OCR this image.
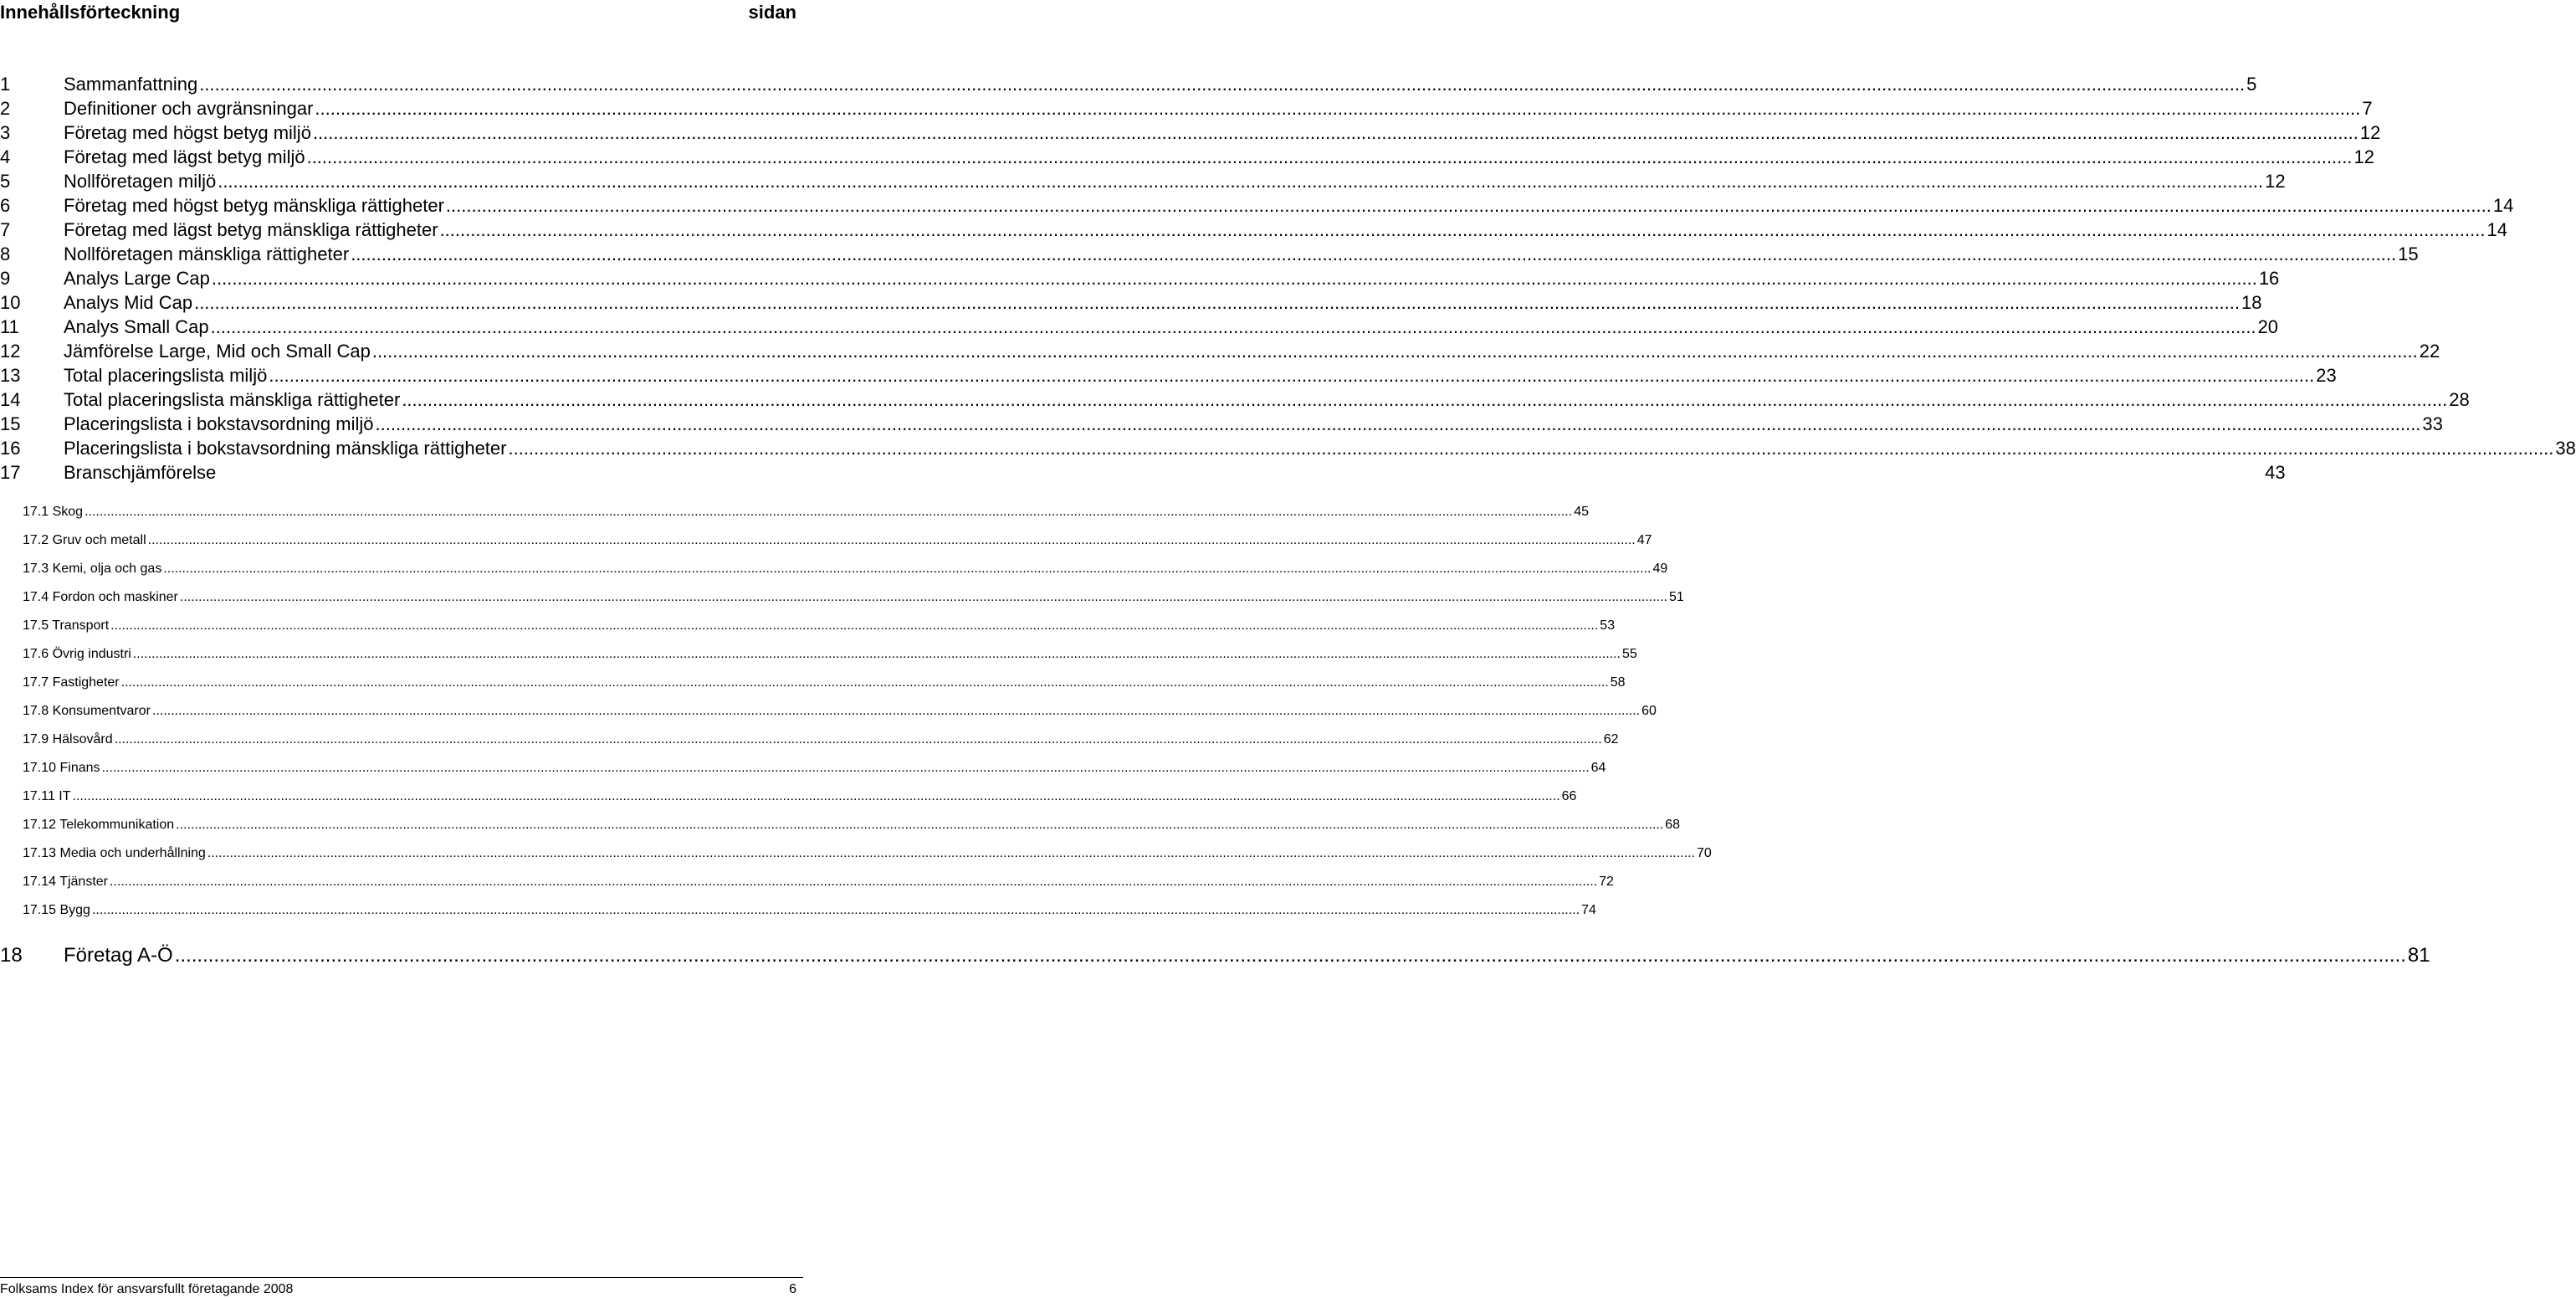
Innehållsförteckning	sidan
1	Sammanfattning ................................................................................................................................................................................................................................................................................................................................................................................................................ 5
2	Definitioner och avgränsningar ................................................................................................................................................................................................................................................................................................................................................................................................................ 7
3	Företag med högst betyg miljö ................................................................................................................................................................................................................................................................................................................................................................................................................ 12
4	Företag med lägst betyg miljö ................................................................................................................................................................................................................................................................................................................................................................................................................ 12
5	Nollföretagen miljö ................................................................................................................................................................................................................................................................................................................................................................................................................ 12
6	Företag med högst betyg mänskliga rättigheter ................................................................................................................................................................................................................................................................................................................................................................................................................ 14
7	Företag med lägst betyg mänskliga rättigheter ................................................................................................................................................................................................................................................................................................................................................................................................................ 14
8	Nollföretagen mänskliga rättigheter ................................................................................................................................................................................................................................................................................................................................................................................................................ 15
9	Analys Large Cap ................................................................................................................................................................................................................................................................................................................................................................................................................ 16
10	Analys Mid Cap ................................................................................................................................................................................................................................................................................................................................................................................................................ 18
11	Analys Small Cap ................................................................................................................................................................................................................................................................................................................................................................................................................ 20
12	Jämförelse Large, Mid och Small Cap ................................................................................................................................................................................................................................................................................................................................................................................................................ 22
13	Total placeringslista miljö ................................................................................................................................................................................................................................................................................................................................................................................................................ 23
14	Total placeringslista mänskliga rättigheter ................................................................................................................................................................................................................................................................................................................................................................................................................ 28
15	Placeringslista i bokstavsordning miljö ................................................................................................................................................................................................................................................................................................................................................................................................................ 33
16	Placeringslista i bokstavsordning mänskliga rättigheter ................................................................................................................................................................................................................................................................................................................................................................................................................ 38
17	Branschjämförelse	43
17.1 Skog ................................................................................................................................................................................................................................................................................................................................................................................................................ 45
17.2 Gruv och metall ................................................................................................................................................................................................................................................................................................................................................................................................................ 47
17.3 Kemi, olja och gas ................................................................................................................................................................................................................................................................................................................................................................................................................ 49
17.4 Fordon och maskiner ................................................................................................................................................................................................................................................................................................................................................................................................................ 51
17.5 Transport ................................................................................................................................................................................................................................................................................................................................................................................................................ 53
17.6 Övrig industri ................................................................................................................................................................................................................................................................................................................................................................................................................ 55
17.7 Fastigheter ................................................................................................................................................................................................................................................................................................................................................................................................................ 58
17.8 Konsumentvaror ................................................................................................................................................................................................................................................................................................................................................................................................................ 60
17.9 Hälsovård ................................................................................................................................................................................................................................................................................................................................................................................................................ 62
17.10 Finans ................................................................................................................................................................................................................................................................................................................................................................................................................ 64
17.11 IT ................................................................................................................................................................................................................................................................................................................................................................................................................ 66
17.12 Telekommunikation ................................................................................................................................................................................................................................................................................................................................................................................................................ 68
17.13 Media och underhållning ................................................................................................................................................................................................................................................................................................................................................................................................................ 70
17.14 Tjänster ................................................................................................................................................................................................................................................................................................................................................................................................................ 72
17.15 Bygg ................................................................................................................................................................................................................................................................................................................................................................................................................ 74
18	Företag A-Ö ................................................................................................................................................................................................................................................................................................................................................................................................................ 81
Folksams Index för ansvarsfullt företagande 2008	6
